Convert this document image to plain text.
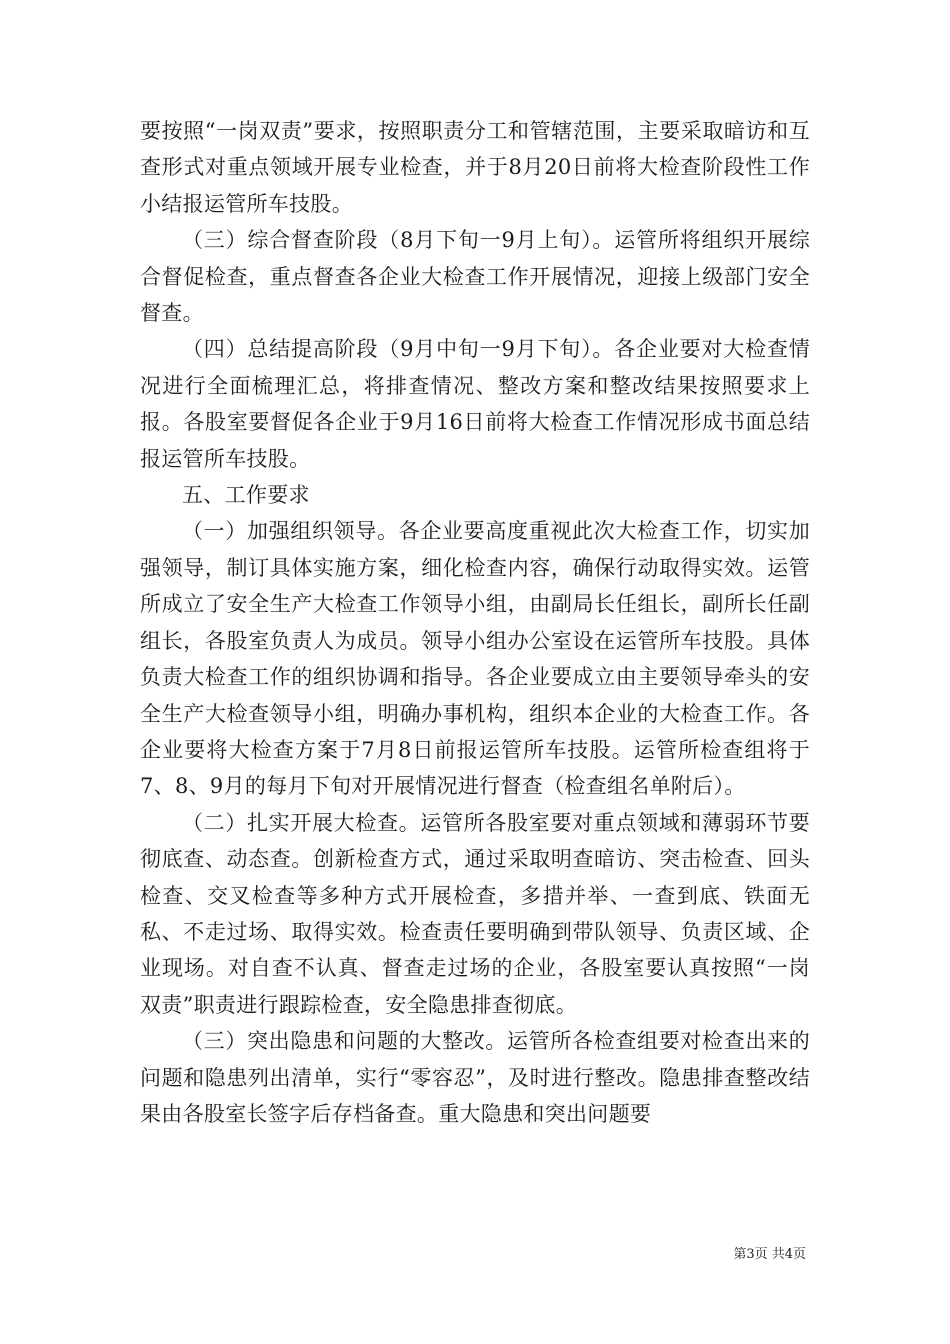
要按照“一岗双责”要求，按照职责分工和管辖范围，主要采取暗访和互查形式对重点领域开展专业检查，并于8月20日前将大检查阶段性工作小结报运管所车技股。

（三）综合督查阶段（8月下旬一9月上旬）。运管所将组织开展综合督促检查，重点督查各企业大检查工作开展情况，迎接上级部门安全督查。

（四）总结提高阶段（9月中旬一9月下旬）。各企业要对大检查情况进行全面梳理汇总，将排查情况、整改方案和整改结果按照要求上报。各股室要督促各企业于9月16日前将大检查工作情况形成书面总结报运管所车技股。

五、工作要求

（一）加强组织领导。各企业要高度重视此次大检查工作，切实加强领导，制订具体实施方案，细化检查内容，确保行动取得实效。运管所成立了安全生产大检查工作领导小组，由副局长任组长，副所长任副组长，各股室负责人为成员。领导小组办公室设在运管所车技股。具体负责大检查工作的组织协调和指导。各企业要成立由主要领导牵头的安全生产大检查领导小组，明确办事机构，组织本企业的大检查工作。各企业要将大检查方案于7月8日前报运管所车技股。运管所检查组将于7、8、9月的每月下旬对开展情况进行督查（检查组名单附后）。

（二）扎实开展大检查。运管所各股室要对重点领域和薄弱环节要彻底查、动态查。创新检查方式，通过采取明查暗访、突击检查、回头检查、交叉检查等多种方式开展检查，多措并举、一查到底、铁面无私、不走过场、取得实效。检查责任要明确到带队领导、负责区域、企业现场。对自查不认真、督查走过场的企业，各股室要认真按照“一岗双责”职责进行跟踪检查，安全隐患排查彻底。

（三）突出隐患和问题的大整改。运管所各检查组要对检查出来的问题和隐患列出清单，实行“零容忍”，及时进行整改。隐患排查整改结果由各股室长签字后存档备查。重大隐患和突出问题要

第3页 共4页
